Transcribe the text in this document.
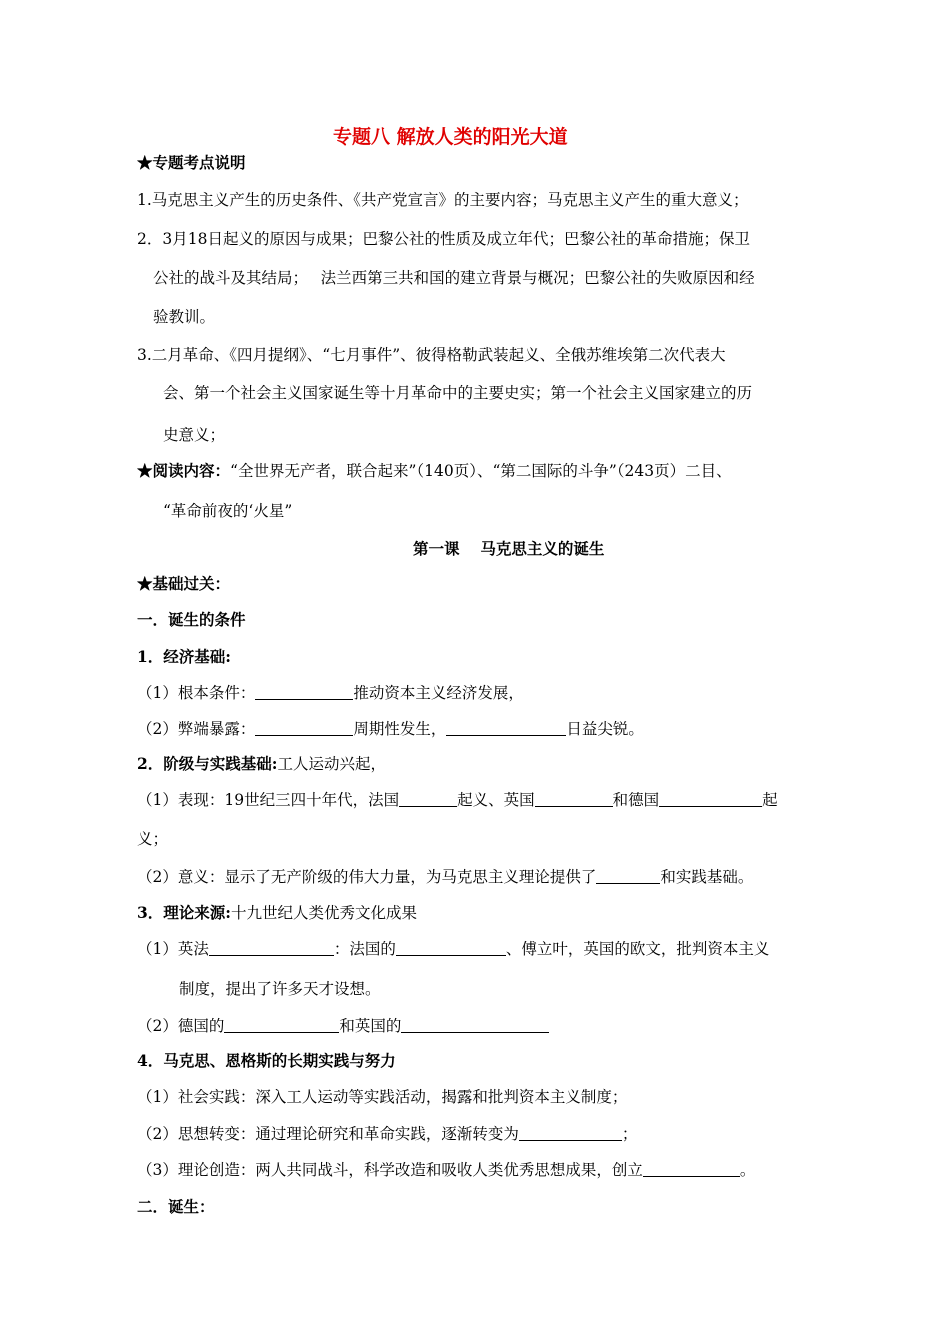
专题八 解放人类的阳光大道
★专题考点说明
1.马克思主义产生的历史条件、《共产党宣言》的主要内容；马克思主义产生的重大意义；
2．3月18日起义的原因与成果；巴黎公社的性质及成立年代；巴黎公社的革命措施；保卫
公社的战斗及其结局；　 法兰西第三共和国的建立背景与概况；巴黎公社的失败原因和经
验教训。
3.二月革命、《四月提纲》、“七月事件”、彼得格勒武装起义、全俄苏维埃第二次代表大
会、第一个社会主义国家诞生等十月革命中的主要史实；第一个社会主义国家建立的历
史意义；
★阅读内容：“全世界无产者，联合起来”（140页）、“第二国际的斗争”（243页）二目、
“革命前夜的‘火星”
第一课　 马克思主义的诞生
★基础过关：
一．诞生的条件
1．经济基础:
（1）根本条件：	推动资本主义经济发展，
（2）弊端暴露：	周期性发生，	日益尖锐。
2．阶级与实践基础:工人运动兴起，
（1）表现：19世纪三四十年代，法国	起义、英国	和德国	起
义；
（2）意义：显示了无产阶级的伟大力量，为马克思主义理论提供了	和实践基础。
3．理论来源:十九世纪人类优秀文化成果
（1）英法	：法国的	、傅立叶，英国的欧文，批判资本主义
制度，提出了许多天才设想。
（2）德国的	和英国的
4．马克思、恩格斯的长期实践与努力
（1）社会实践：深入工人运动等实践活动，揭露和批判资本主义制度；
（2）思想转变：通过理论研究和革命实践，逐渐转变为	；
（3）理论创造：两人共同战斗，科学改造和吸收人类优秀思想成果，创立	。
二．诞生：
